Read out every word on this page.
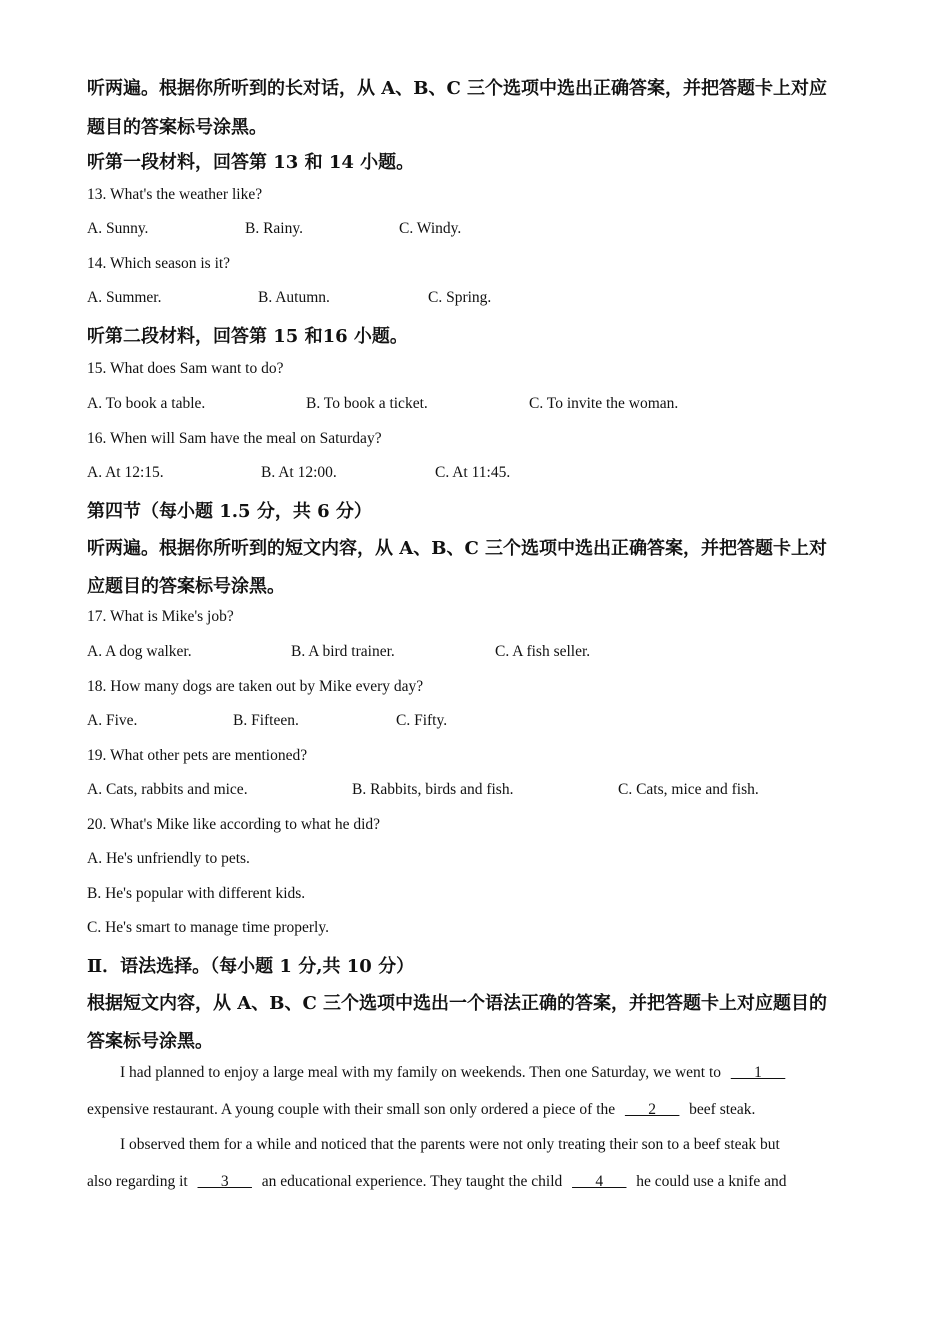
听两遍。根据你所听到的长对话，从 A、B、C 三个选项中选出正确答案，并把答题卡上对应
题目的答案标号涂黑。
听第一段材料，回答第 13 和 14 小题。
13. What's the weather like?
A. Sunny.	B. Rainy.	C. Windy.
14. Which season is it?
A. Summer.	B. Autumn.	C. Spring.
听第二段材料，回答第 15 和16 小题。
15. What does Sam want to do?
A. To book a table.	B. To book a ticket.	C. To invite the woman.
16. When will Sam have the meal on Saturday?
A. At 12:15.	B. At 12:00.	C. At 11:45.
第四节（每小题 1.5 分，共 6 分）
听两遍。根据你所听到的短文内容，从 A、B、C 三个选项中选出正确答案，并把答题卡上对
应题目的答案标号涂黑。
17. What is Mike's job?
A. A dog walker.	B. A bird trainer.	C. A fish seller.
18. How many dogs are taken out by Mike every day?
A. Five.	B. Fifteen.	C. Fifty.
19. What other pets are mentioned?
A. Cats, rabbits and mice.	B. Rabbits, birds and fish.	C. Cats, mice and fish.
20. What's Mike like according to what he did?
A. He's unfriendly to pets.
B. He's popular with different kids.
C. He's smart to manage time properly.
Ⅱ．语法选择。（每小题 1 分,共 10 分）
根据短文内容，从 A、B、C 三个选项中选出一个语法正确的答案，并把答题卡上对应题目的
答案标号涂黑。
I had planned to enjoy a large meal with my family on weekends. Then one Saturday, we went to ___1___
expensive restaurant. A young couple with their small son only ordered a piece of the ___2___ beef steak.
I observed them for a while and noticed that the parents were not only treating their son to a beef steak but
also regarding it ___3___ an educational experience. They taught the child ___4___ he could use a knife and
